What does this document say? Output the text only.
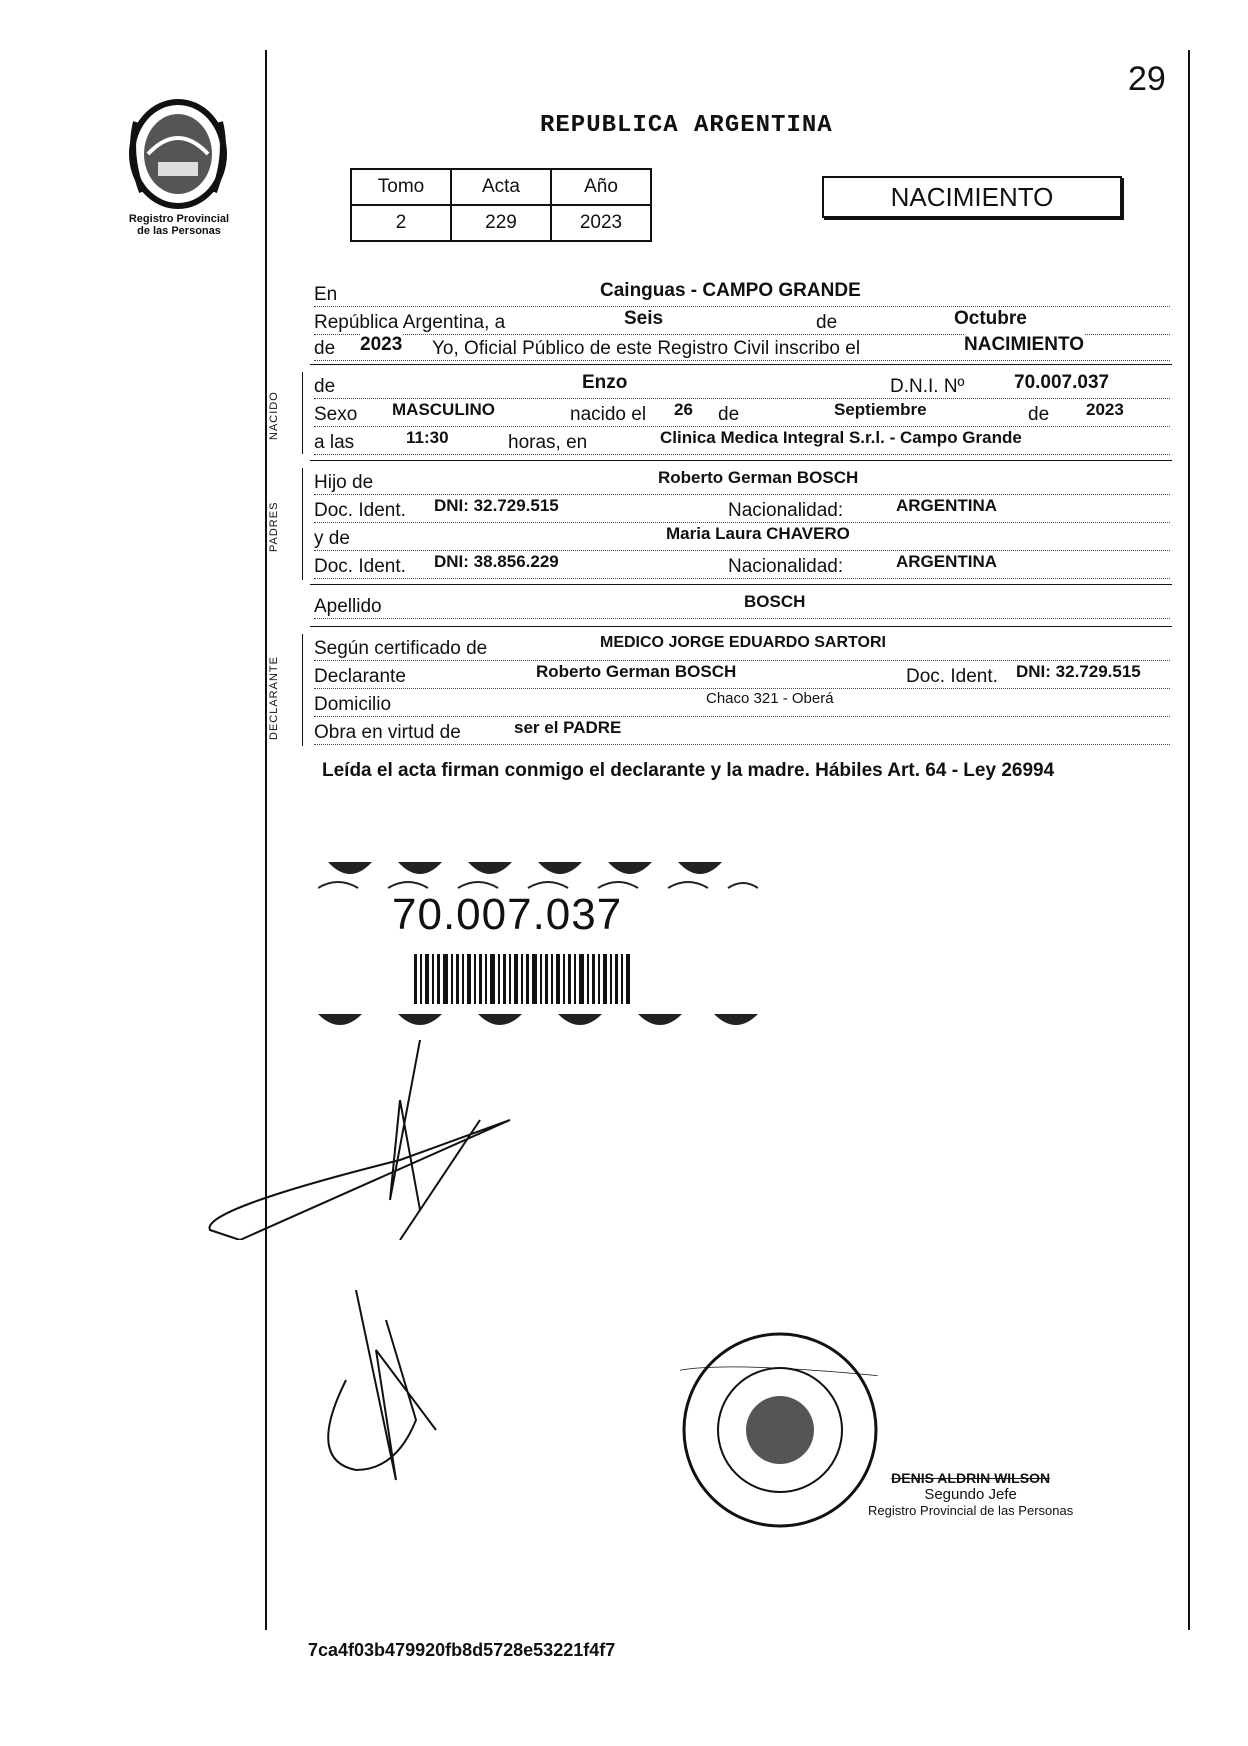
29
Registro Provincial
de las Personas
REPUBLICA ARGENTINA
Tomo	Acta	Año
2	229	2023
NACIMIENTO
En	Cainguas - CAMPO GRANDE
República Argentina, a	Seis	de	Octubre
de 2023 Yo, Oficial Público de este Registro Civil inscribo el	NACIMIENTO
NACIDO
de	Enzo	D.N.I. Nº	70.007.037
Sexo MASCULINO	nacido el 26 de	Septiembre	de 2023
a las	11:30	horas, en	Clinica Medica Integral S.r.l. - Campo Grande
PADRES
Hijo de	Roberto German BOSCH
Doc. Ident. DNI: 32.729.515	Nacionalidad:	ARGENTINA
y de	Maria Laura CHAVERO
Doc. Ident. DNI: 38.856.229	Nacionalidad:	ARGENTINA
Apellido	BOSCH
DECLARANTE
Según certificado de	MEDICO JORGE EDUARDO SARTORI
Declarante	Roberto German BOSCH	Doc. Ident. DNI: 32.729.515
Domicilio	Chaco 321 - Oberá
Obra en virtud de	ser el PADRE
Leída el acta firman conmigo el declarante y la madre. Hábiles Art. 64 - Ley 26994
70.007.037
DENIS ALDRIN WILSON
Segundo Jefe
Registro Provincial de las Personas
7ca4f03b479920fb8d5728e53221f4f7
